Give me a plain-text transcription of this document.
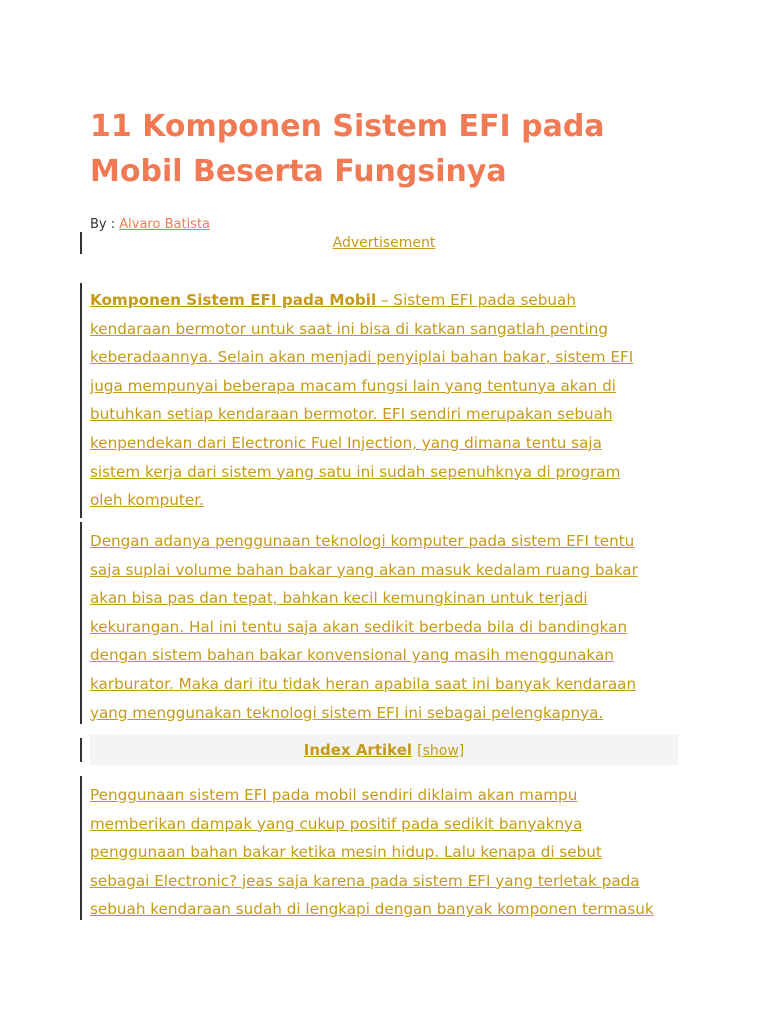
11 Komponen Sistem EFI pada
Mobil Beserta Fungsinya
By : Alvaro Batista
Advertisement

Komponen Sistem EFI pada Mobil – Sistem EFI pada sebuah
kendaraan bermotor untuk saat ini bisa di katkan sangatlah penting
keberadaannya. Selain akan menjadi penyiplai bahan bakar, sistem EFI
juga mempunyai beberapa macam fungsi lain yang tentunya akan di
butuhkan setiap kendaraan bermotor. EFI sendiri merupakan sebuah
kenpendekan dari Electronic Fuel Injection, yang dimana tentu saja
sistem kerja dari sistem yang satu ini sudah sepenuhknya di program
oleh komputer.

Dengan adanya penggunaan teknologi komputer pada sistem EFI tentu
saja suplai volume bahan bakar yang akan masuk kedalam ruang bakar
akan bisa pas dan tepat, bahkan kecil kemungkinan untuk terjadi
kekurangan. Hal ini tentu saja akan sedikit berbeda bila di bandingkan
dengan sistem bahan bakar konvensional yang masih menggunakan
karburator. Maka dari itu tidak heran apabila saat ini banyak kendaraan
yang menggunakan teknologi sistem EFI ini sebagai pelengkapnya.

Index Artikel [show]

Penggunaan sistem EFI pada mobil sendiri diklaim akan mampu
memberikan dampak yang cukup positif pada sedikit banyaknya
penggunaan bahan bakar ketika mesin hidup. Lalu kenapa di sebut
sebagai Electronic? jeas saja karena pada sistem EFI yang terletak pada
sebuah kendaraan sudah di lengkapi dengan banyak komponen termasuk
